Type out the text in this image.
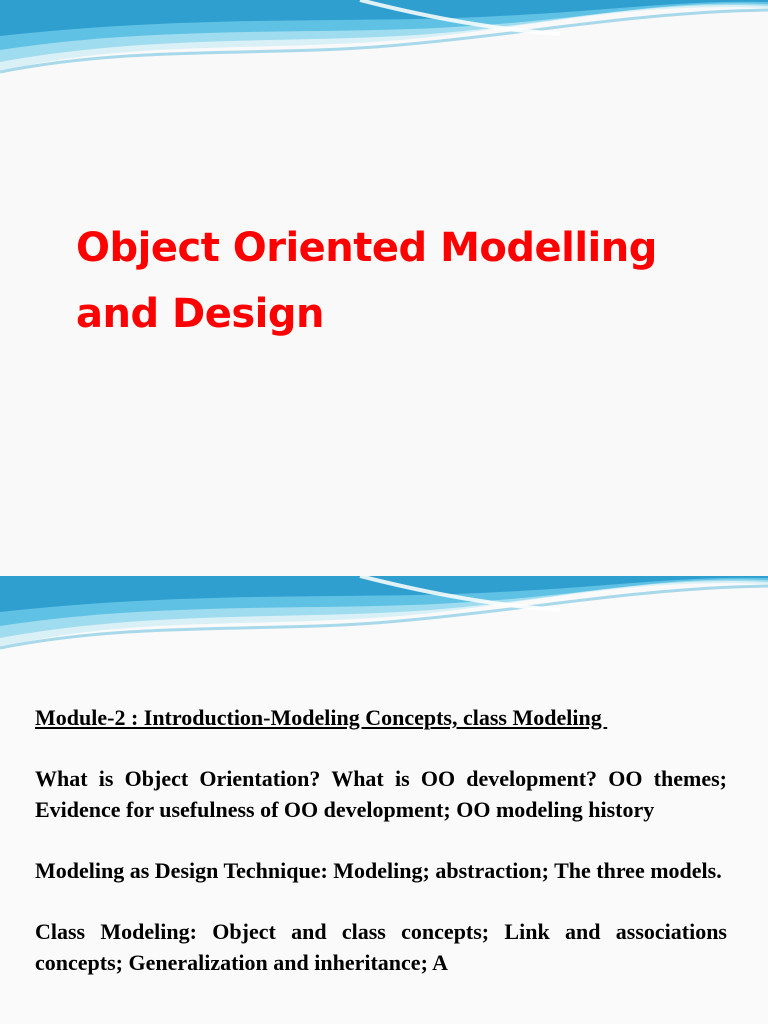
Object Oriented Modelling
and Design

Module-2 : Introduction-Modeling Concepts, class Modeling

What is Object Orientation? What is OO development? OO themes; Evidence for usefulness of OO development; OO modeling history

Modeling as Design Technique: Modeling; abstraction; The three models.

Class Modeling: Object and class concepts; Link and associations concepts; Generalization and inheritance; A
